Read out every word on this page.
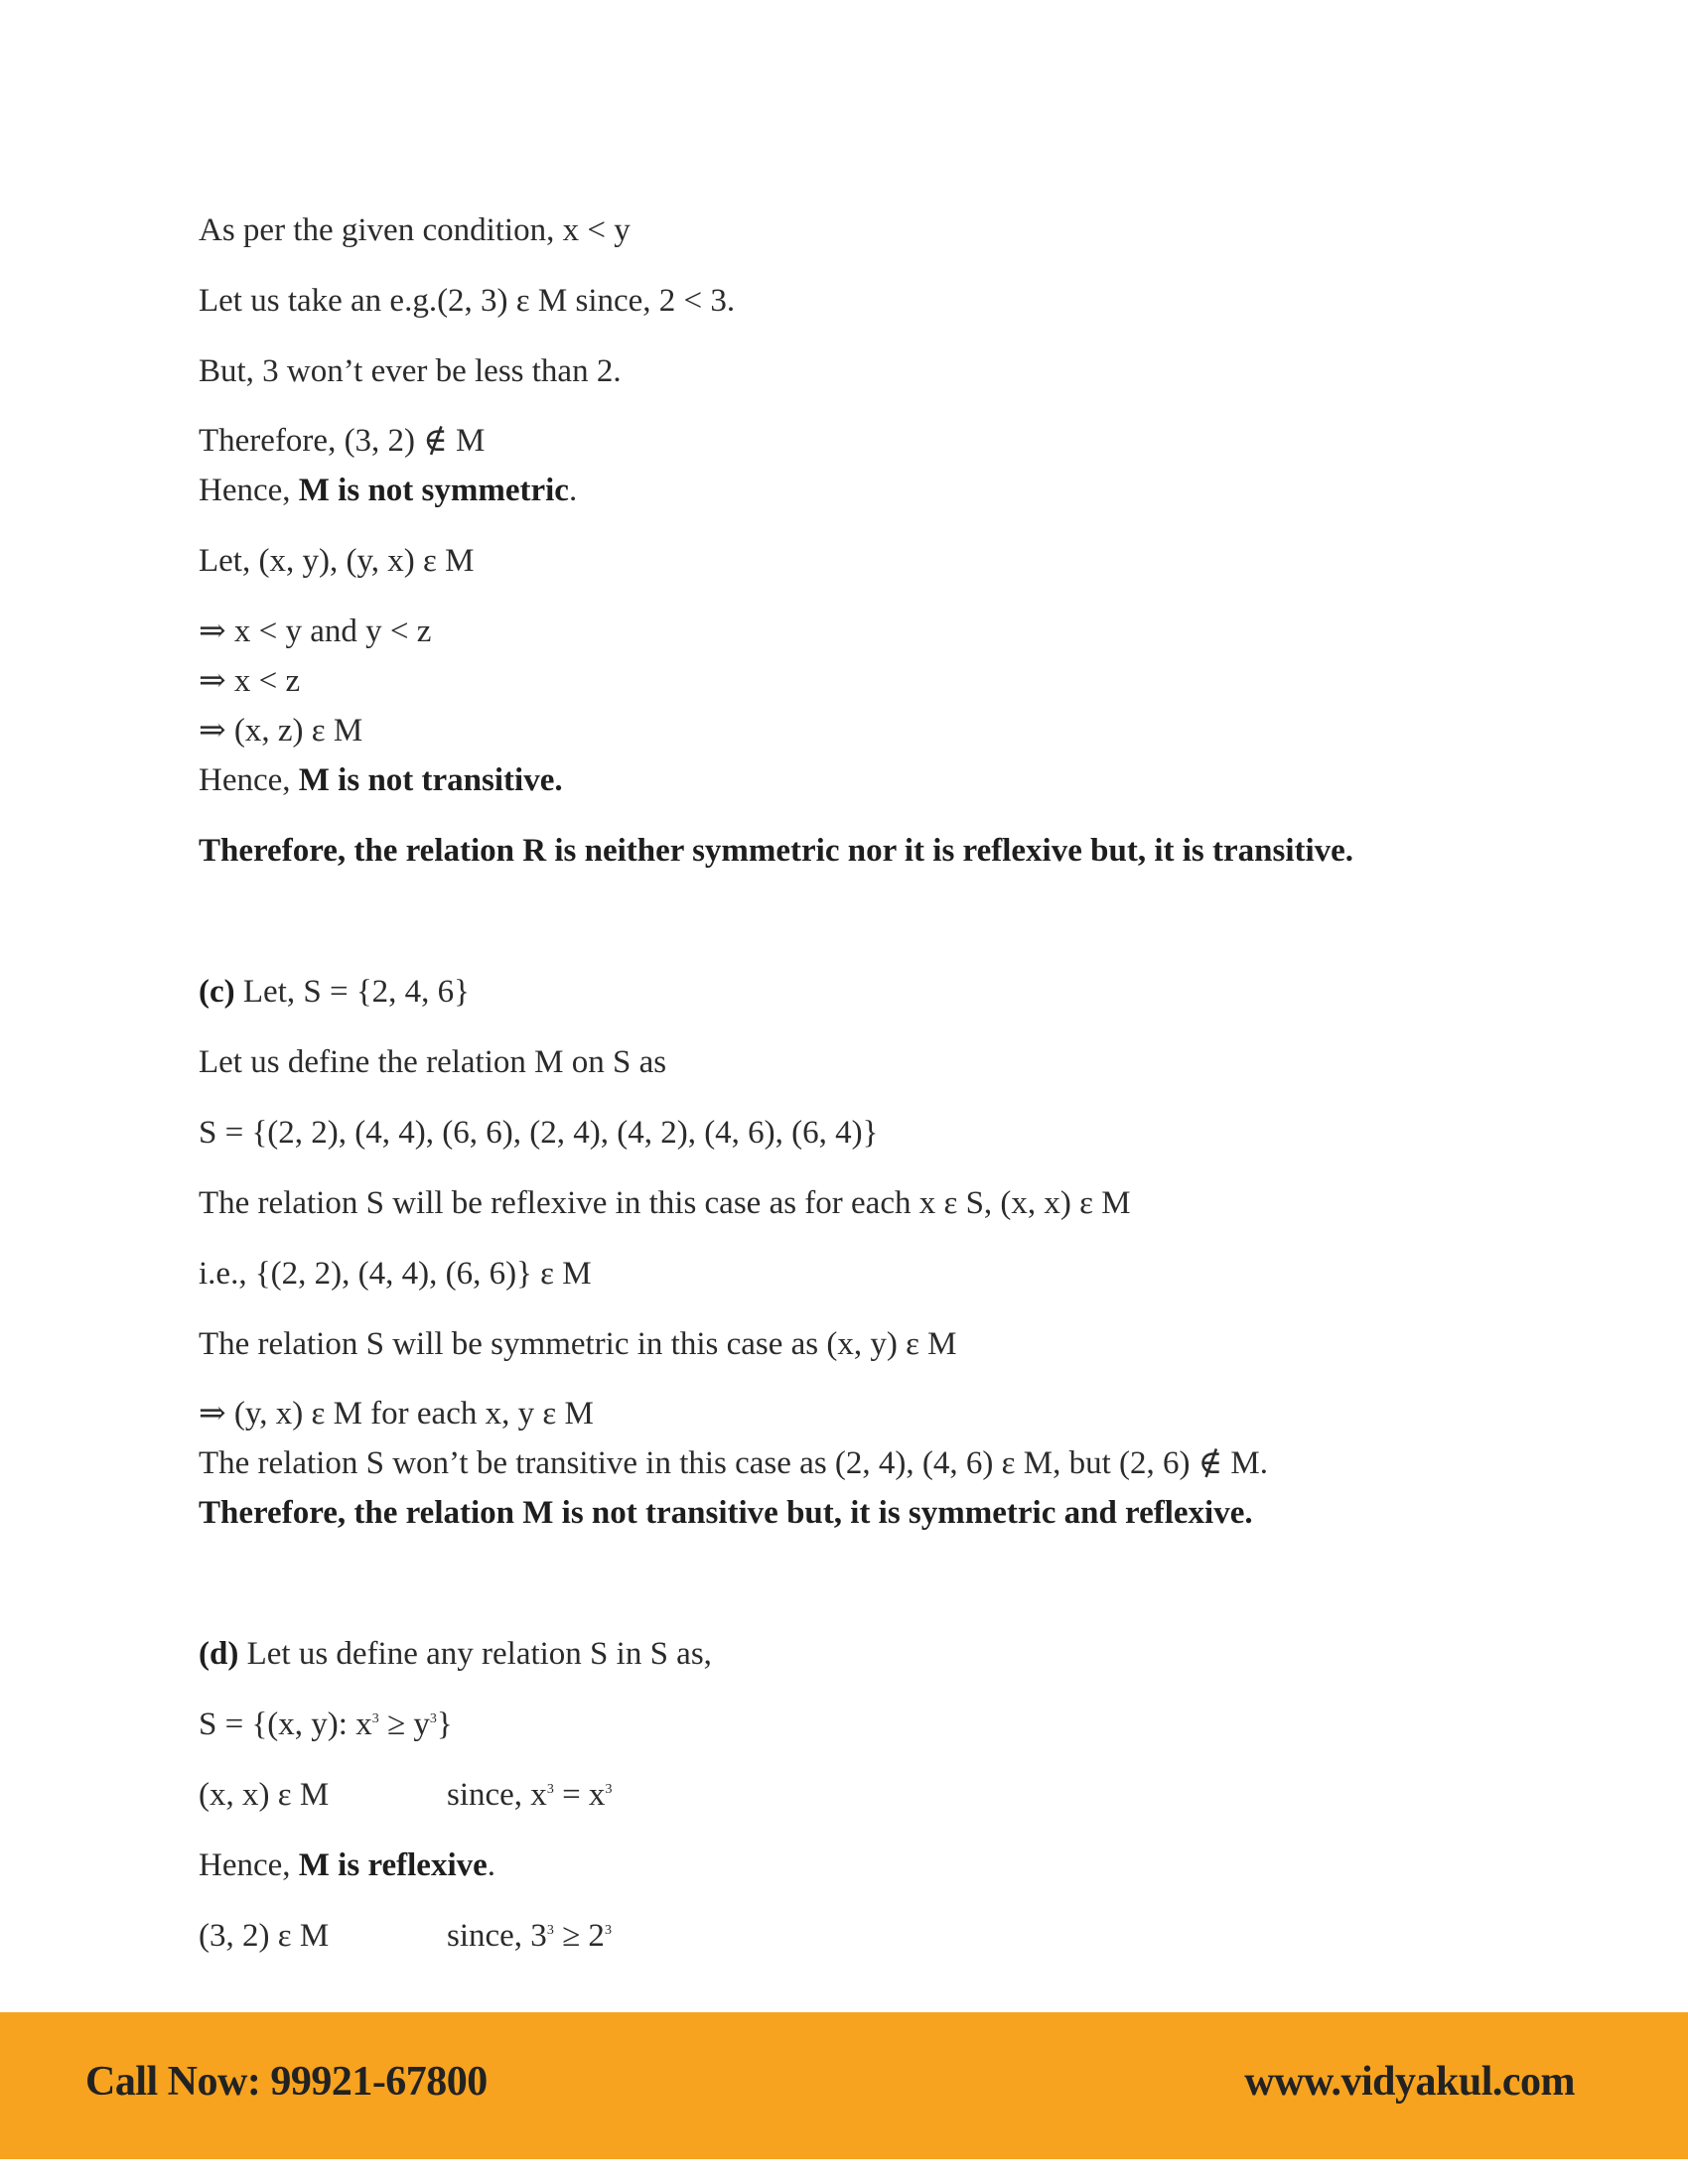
As per the given condition, x < y
Let us take an e.g.(2, 3) ε M since, 2 < 3.
But, 3 won’t ever be less than 2.
Therefore, (3, 2) ∉ M
Hence, M is not symmetric.
Let, (x, y), (y, x) ε M
⇒ x < y and y < z
⇒ x < z
⇒ (x, z) ε M
Hence, M is not transitive.
Therefore, the relation R is neither symmetric nor it is reflexive but, it is transitive.
(c) Let, S = {2, 4, 6}
Let us define the relation M on S as
S = {(2, 2), (4, 4), (6, 6), (2, 4), (4, 2), (4, 6), (6, 4)}
The relation S will be reflexive in this case as for each x ε S, (x, x) ε M
i.e., {(2, 2), (4, 4), (6, 6)} ε M
The relation S will be symmetric in this case as (x, y) ε M
⇒ (y, x) ε M for each x, y ε M
The relation S won’t be transitive in this case as (2, 4), (4, 6) ε M, but (2, 6) ∉ M.
Therefore, the relation M is not transitive but, it is symmetric and reflexive.
(d) Let us define any relation S in S as,
S = {(x, y): $x^3 \ge y^3$}
(x, x) ε M	since, $x^3 = x^3$
Hence, M is reflexive.
(3, 2) ε M	since, $3^3 \ge 2^3$
Call Now: 99921-67800	www.vidyakul.com
